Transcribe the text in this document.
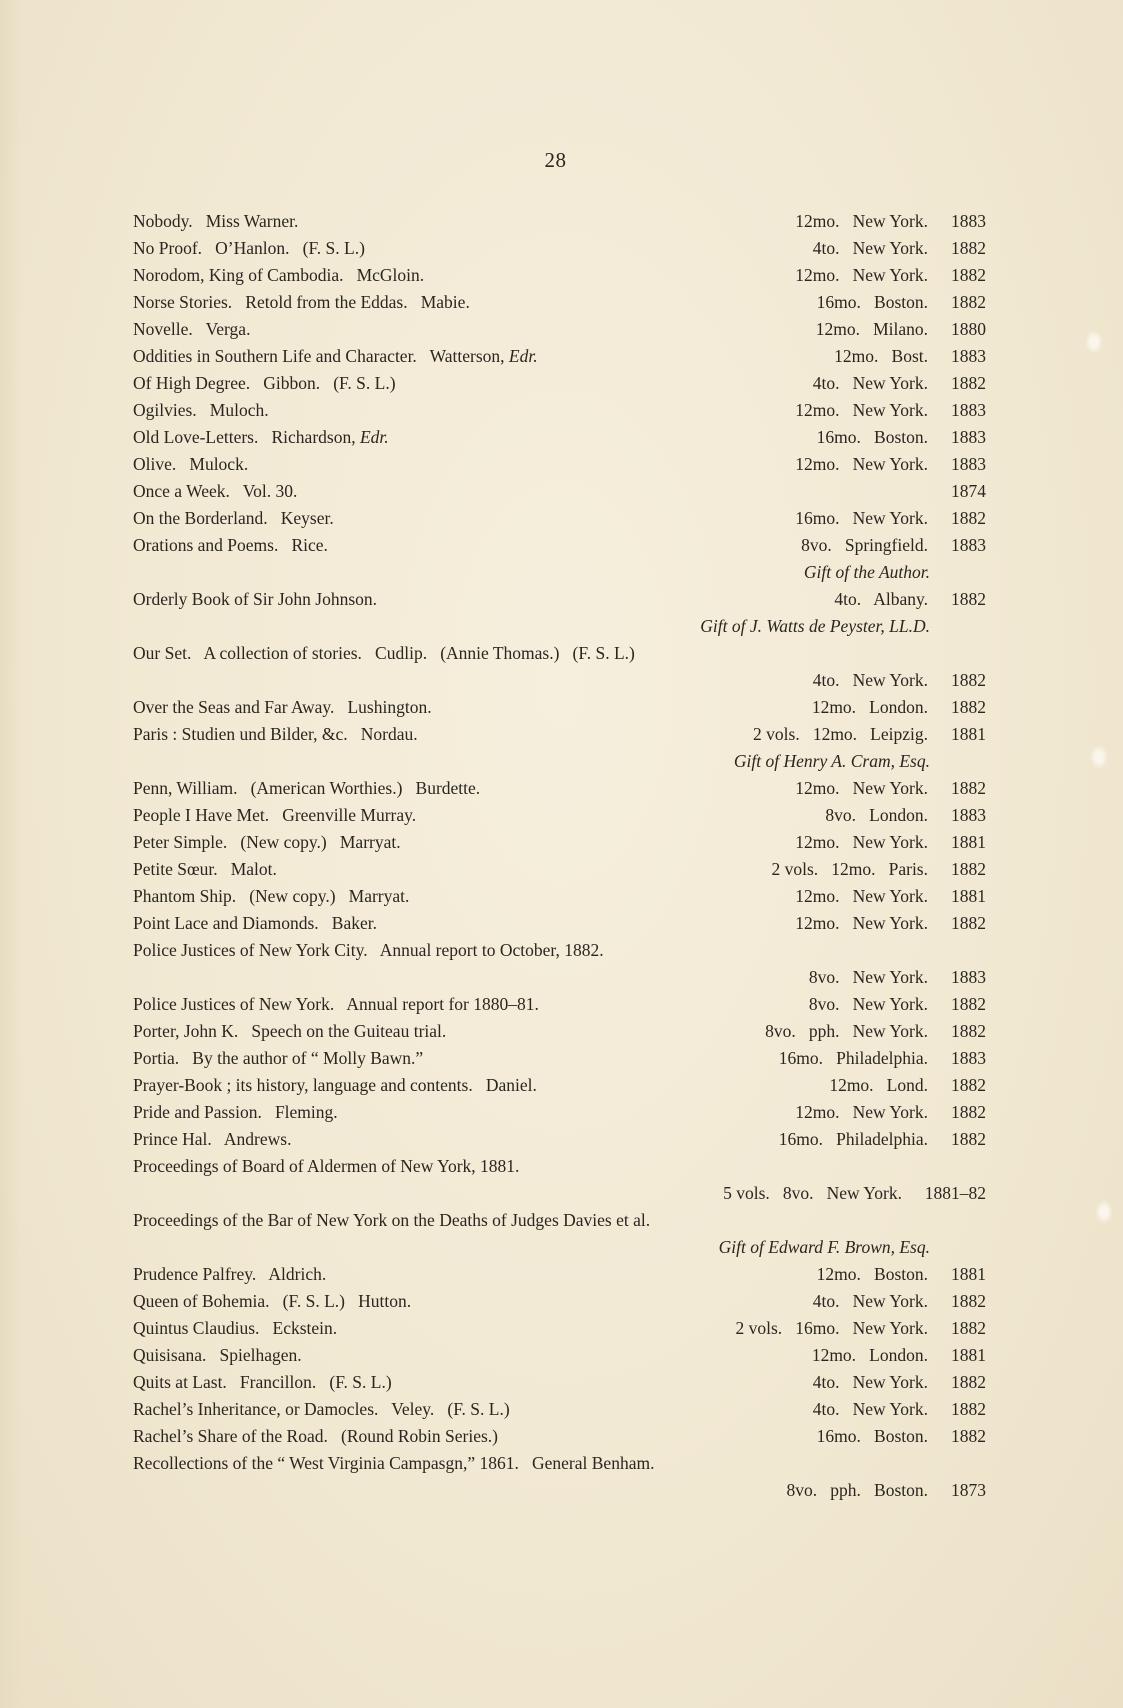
28
Nobody.   Miss Warner.	12mo.   New York.	1883
No Proof.   O’Hanlon.   (F. S. L.)	4to.   New York.	1882
Norodom, King of Cambodia.   McGloin.	12mo.   New York.	1882
Norse Stories.   Retold from the Eddas.   Mabie.	16mo.   Boston.	1882
Novelle.   Verga.	12mo.   Milano.	1880
Oddities in Southern Life and Character.   Watterson, Edr.	12mo.   Bost.	1883
Of High Degree.   Gibbon.   (F. S. L.)	4to.   New York.	1882
Ogilvies.   Muloch.	12mo.   New York.	1883
Old Love-Letters.   Richardson, Edr.	16mo.   Boston.	1883
Olive.   Mulock.	12mo.   New York.	1883
Once a Week.   Vol. 30.	1874
On the Borderland.   Keyser.	16mo.   New York.	1882
Orations and Poems.   Rice.	8vo.   Springfield.	1883
Gift of the Author.
Orderly Book of Sir John Johnson.	4to.   Albany.	1882
Gift of J. Watts de Peyster, LL.D.
Our Set.   A collection of stories.   Cudlip.   (Annie Thomas.)   (F. S. L.)
4to.   New York.	1882
Over the Seas and Far Away.   Lushington.	12mo.   London.	1882
Paris : Studien und Bilder, &c.   Nordau.	2 vols.   12mo.   Leipzig.	1881
Gift of Henry A. Cram, Esq.
Penn, William.   (American Worthies.)   Burdette.	12mo.   New York.	1882
People I Have Met.   Greenville Murray.	8vo.   London.	1883
Peter Simple.   (New copy.)   Marryat.	12mo.   New York.	1881
Petite Sœur.   Malot.	2 vols.   12mo.   Paris.	1882
Phantom Ship.   (New copy.)   Marryat.	12mo.   New York.	1881
Point Lace and Diamonds.   Baker.	12mo.   New York.	1882
Police Justices of New York City.   Annual report to October, 1882.
8vo.   New York.	1883
Police Justices of New York.   Annual report for 1880–81.	8vo.   New York.	1882
Porter, John K.   Speech on the Guiteau trial.	8vo.   pph.   New York.	1882
Portia.   By the author of “ Molly Bawn.”	16mo.   Philadelphia.	1883
Prayer-Book ; its history, language and contents.   Daniel.	12mo.   Lond.	1882
Pride and Passion.   Fleming.	12mo.   New York.	1882
Prince Hal.   Andrews.	16mo.   Philadelphia.	1882
Proceedings of Board of Aldermen of New York, 1881.
5 vols.   8vo.   New York.	1881–82
Proceedings of the Bar of New York on the Deaths of Judges Davies et al.
Gift of Edward F. Brown, Esq.
Prudence Palfrey.   Aldrich.	12mo.   Boston.	1881
Queen of Bohemia.   (F. S. L.)   Hutton.	4to.   New York.	1882
Quintus Claudius.   Eckstein.	2 vols.   16mo.   New York.	1882
Quisisana.   Spielhagen.	12mo.   London.	1881
Quits at Last.   Francillon.   (F. S. L.)	4to.   New York.	1882
Rachel’s Inheritance, or Damocles.   Veley.   (F. S. L.)	4to.   New York.	1882
Rachel’s Share of the Road.   (Round Robin Series.)	16mo.   Boston.	1882
Recollections of the “ West Virginia Campasgn,” 1861.   General Benham.
8vo.   pph.   Boston.	1873
